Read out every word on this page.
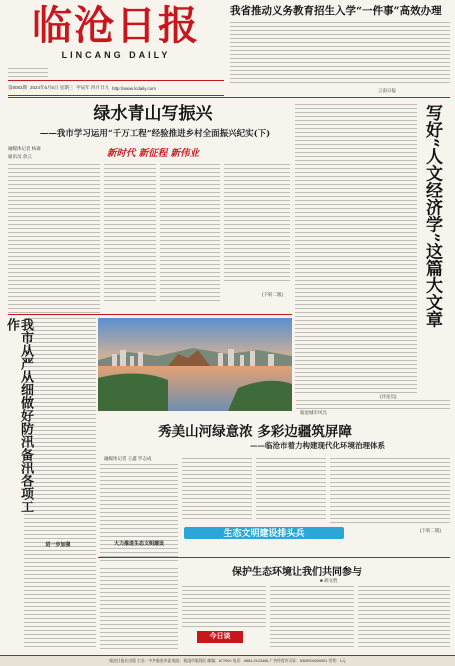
临沧日报
LINCANG DAILY
第8083期 2024年6月5日 星期三 甲辰年 四月廿九 http://www.lcdaily.com
我省推动义务教育招生入学“一件事”高效办理
云南日报
绿水青山写振兴
——我市学习运用“千万工程”经验推进乡村全面振兴纪实(下)
新时代 新征程 新伟业
融媒体记者 杨森
通讯员 余云
(下转二版)	写好“人文经济学”这篇大文章
(评论员)
我市从严从细做好防汛备汛各项工作
进一步加强
临沧城市风光
秀美山河绿意浓 多彩边疆筑屏障
——临沧市着力构建现代化环境治理体系
融媒体记者 王鑫 罗志成
大力推进生态文明建设
(下转二版)
生态文明建设排头兵
保护生态环境让我们共同参与
■ 胡文胜
今日谈
临沧日报社出版 主办：中共临沧市委 地址：临沧市临翔区 邮编：677000 电话：0883-2123456 广告经营许可证：5309004000001 零售：1元
